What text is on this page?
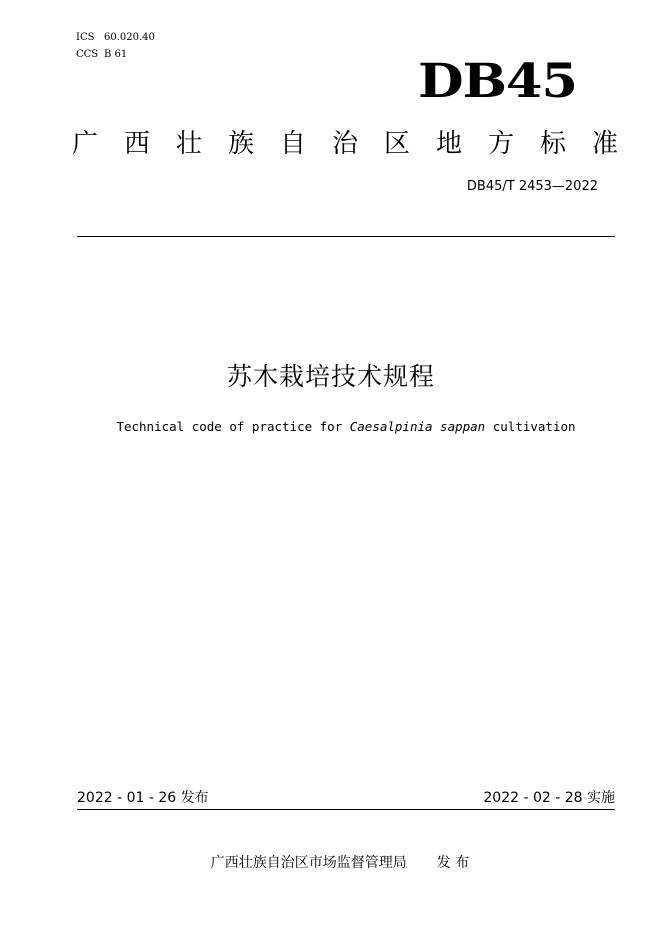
ICS 60.020.40
CCS B 61	DB45
广 西 壮 族 自 治 区 地 方 标 准
DB45/T 2453—2022
苏木栽培技术规程
Technical code of practice for Caesalpinia sappan cultivation
2022 - 01 - 26 发布	2022 - 02 - 28 实施
广西壮族自治区市场监督管理局 发 布
